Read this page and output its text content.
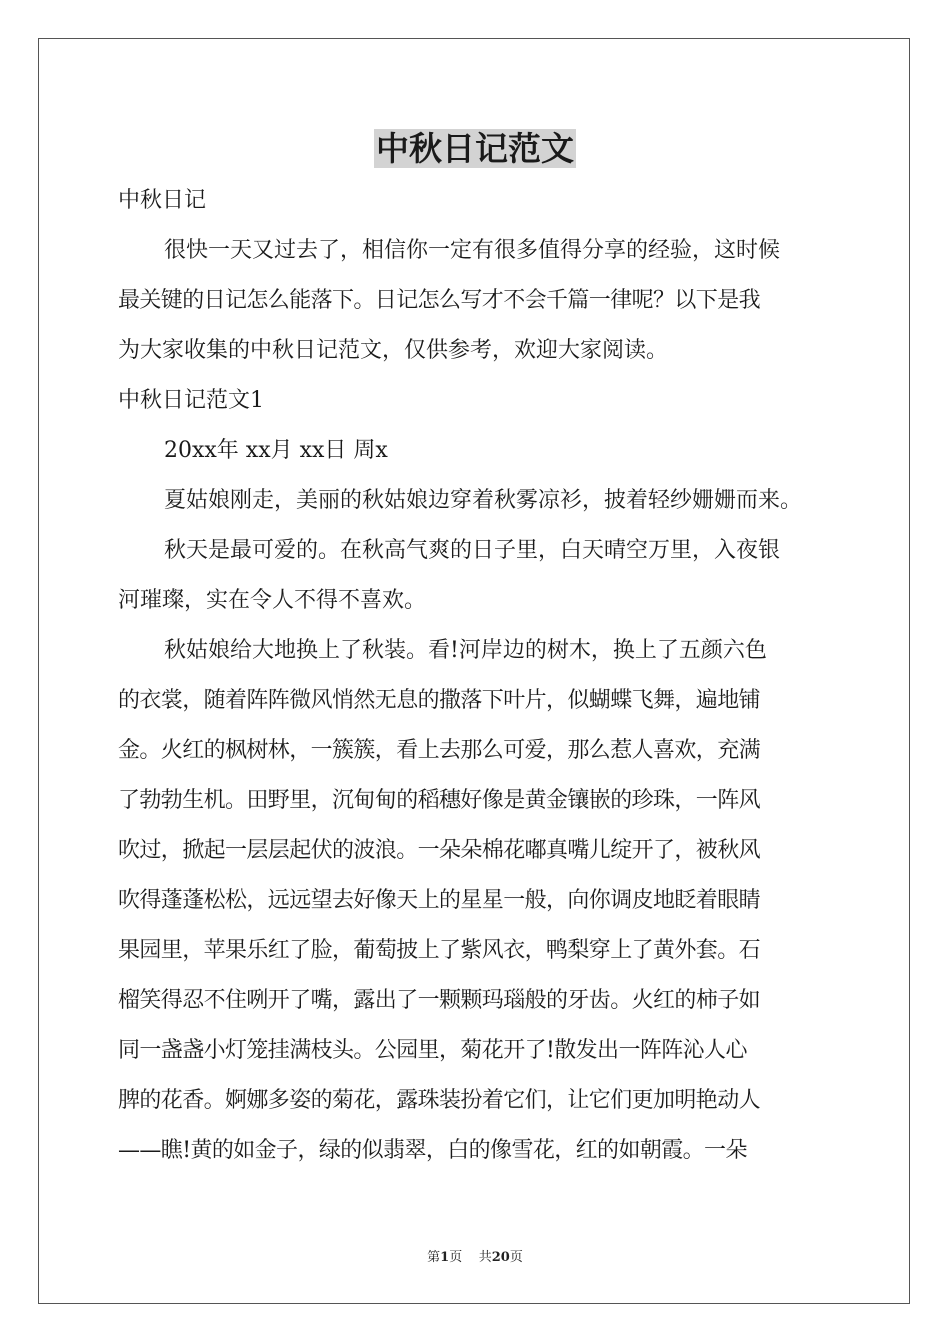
中秋日记范文
中秋日记
很快一天又过去了，相信你一定有很多值得分享的经验，这时候
最关键的日记怎么能落下。日记怎么写才不会千篇一律呢？以下是我
为大家收集的中秋日记范文，仅供参考，欢迎大家阅读。
中秋日记范文1
20xx年 xx月 xx日 周x
夏姑娘刚走，美丽的秋姑娘边穿着秋雾凉衫，披着轻纱姗姗而来。
秋天是最可爱的。在秋高气爽的日子里，白天晴空万里，入夜银
河璀璨，实在令人不得不喜欢。
秋姑娘给大地换上了秋装。看!河岸边的树木，换上了五颜六色
的衣裳，随着阵阵微风悄然无息的撒落下叶片，似蝴蝶飞舞，遍地铺
金。火红的枫树林，一簇簇，看上去那么可爱，那么惹人喜欢，充满
了勃勃生机。田野里，沉甸甸的稻穗好像是黄金镶嵌的珍珠，一阵风
吹过，掀起一层层起伏的波浪。一朵朵棉花嘟真嘴儿绽开了，被秋风
吹得蓬蓬松松，远远望去好像天上的星星一般，向你调皮地眨着眼睛
果园里，苹果乐红了脸，葡萄披上了紫风衣，鸭梨穿上了黄外套。石
榴笑得忍不住咧开了嘴，露出了一颗颗玛瑙般的牙齿。火红的柿子如
同一盏盏小灯笼挂满枝头。公园里，菊花开了!散发出一阵阵沁人心
脾的花香。婀娜多姿的菊花，露珠装扮着它们，让它们更加明艳动人
——瞧!黄的如金子，绿的似翡翠，白的像雪花，红的如朝霞。一朵
第1页 共20页
